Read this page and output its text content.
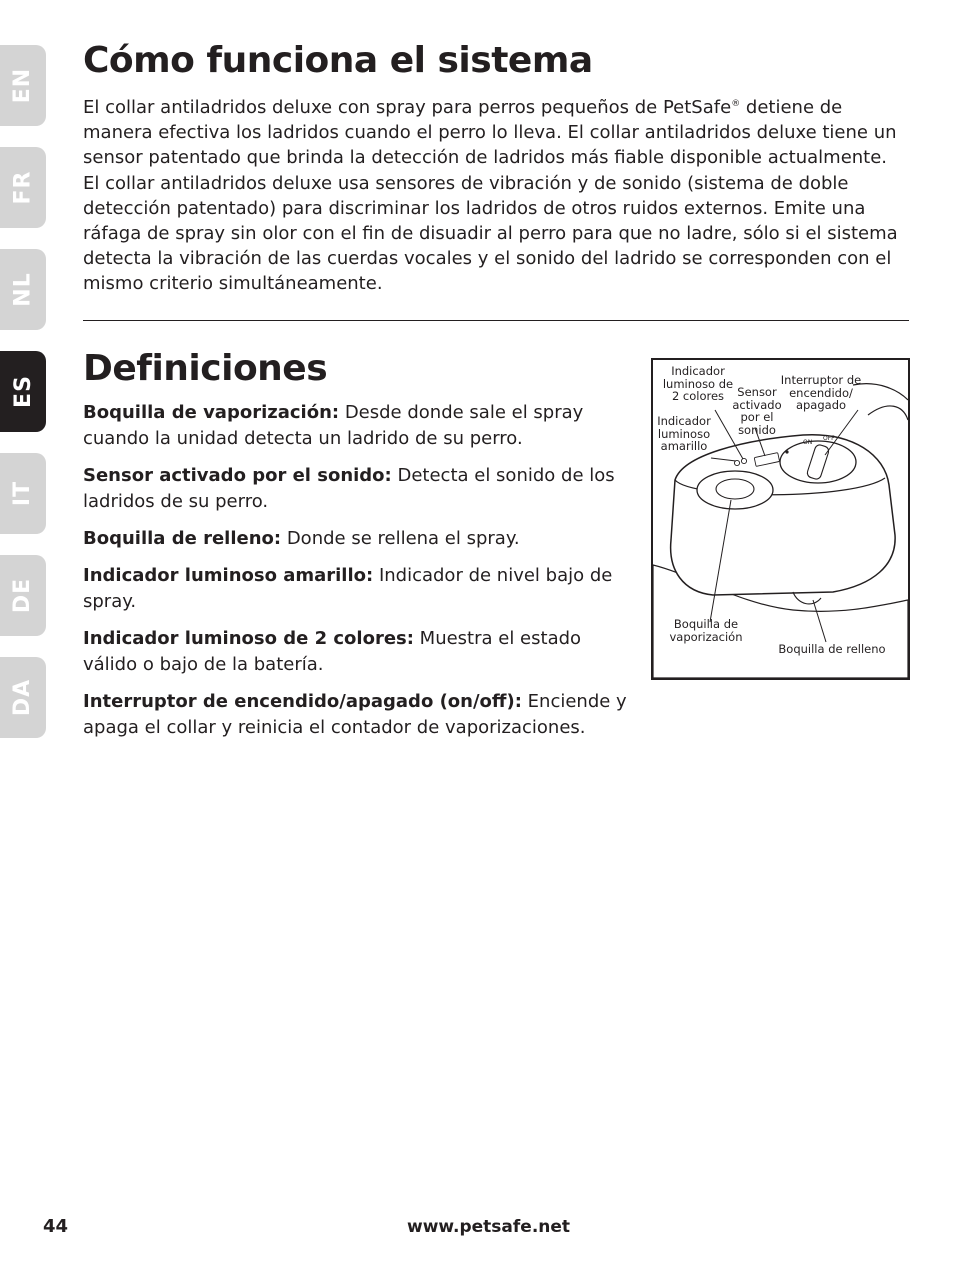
EN
FR
NL
ES
IT
DE
DA
Cómo funciona el sistema

El collar antiladridos deluxe con spray para perros pequeños de PetSafe® detiene de manera efectiva los ladridos cuando el perro lo lleva. El collar antiladridos deluxe tiene un sensor patentado que brinda la detección de ladridos más fiable disponible actualmente. El collar antiladridos deluxe usa sensores de vibración y de sonido (sistema de doble detección patentado) para discriminar los ladridos de otros ruidos externos. Emite una ráfaga de spray sin olor con el fin de disuadir al perro para que no ladre, sólo si el sistema detecta la vibración de las cuerdas vocales y el sonido del ladrido se corresponden con el mismo criterio simultáneamente.

Definiciones

Boquilla de vaporización: Desde donde sale el spray cuando la unidad detecta un ladrido de su perro.

Sensor activado por el sonido: Detecta el sonido de los ladridos de su perro.

Boquilla de relleno: Donde se rellena el spray.

Indicador luminoso amarillo: Indicador de nivel bajo de spray.

Indicador luminoso de 2 colores: Muestra el estado válido o bajo de la batería.

Interruptor de encendido/apagado (on/off): Enciende y apaga el collar y reinicia el contador de vaporizaciones.

ON
OFF
Indicador luminoso de 2 colores	Sensor activado por el sonido
Indicador luminoso amarillo
Interruptor de encendido/ apagado
Boquilla de vaporización
Boquilla de relleno
44	www.petsafe.net
